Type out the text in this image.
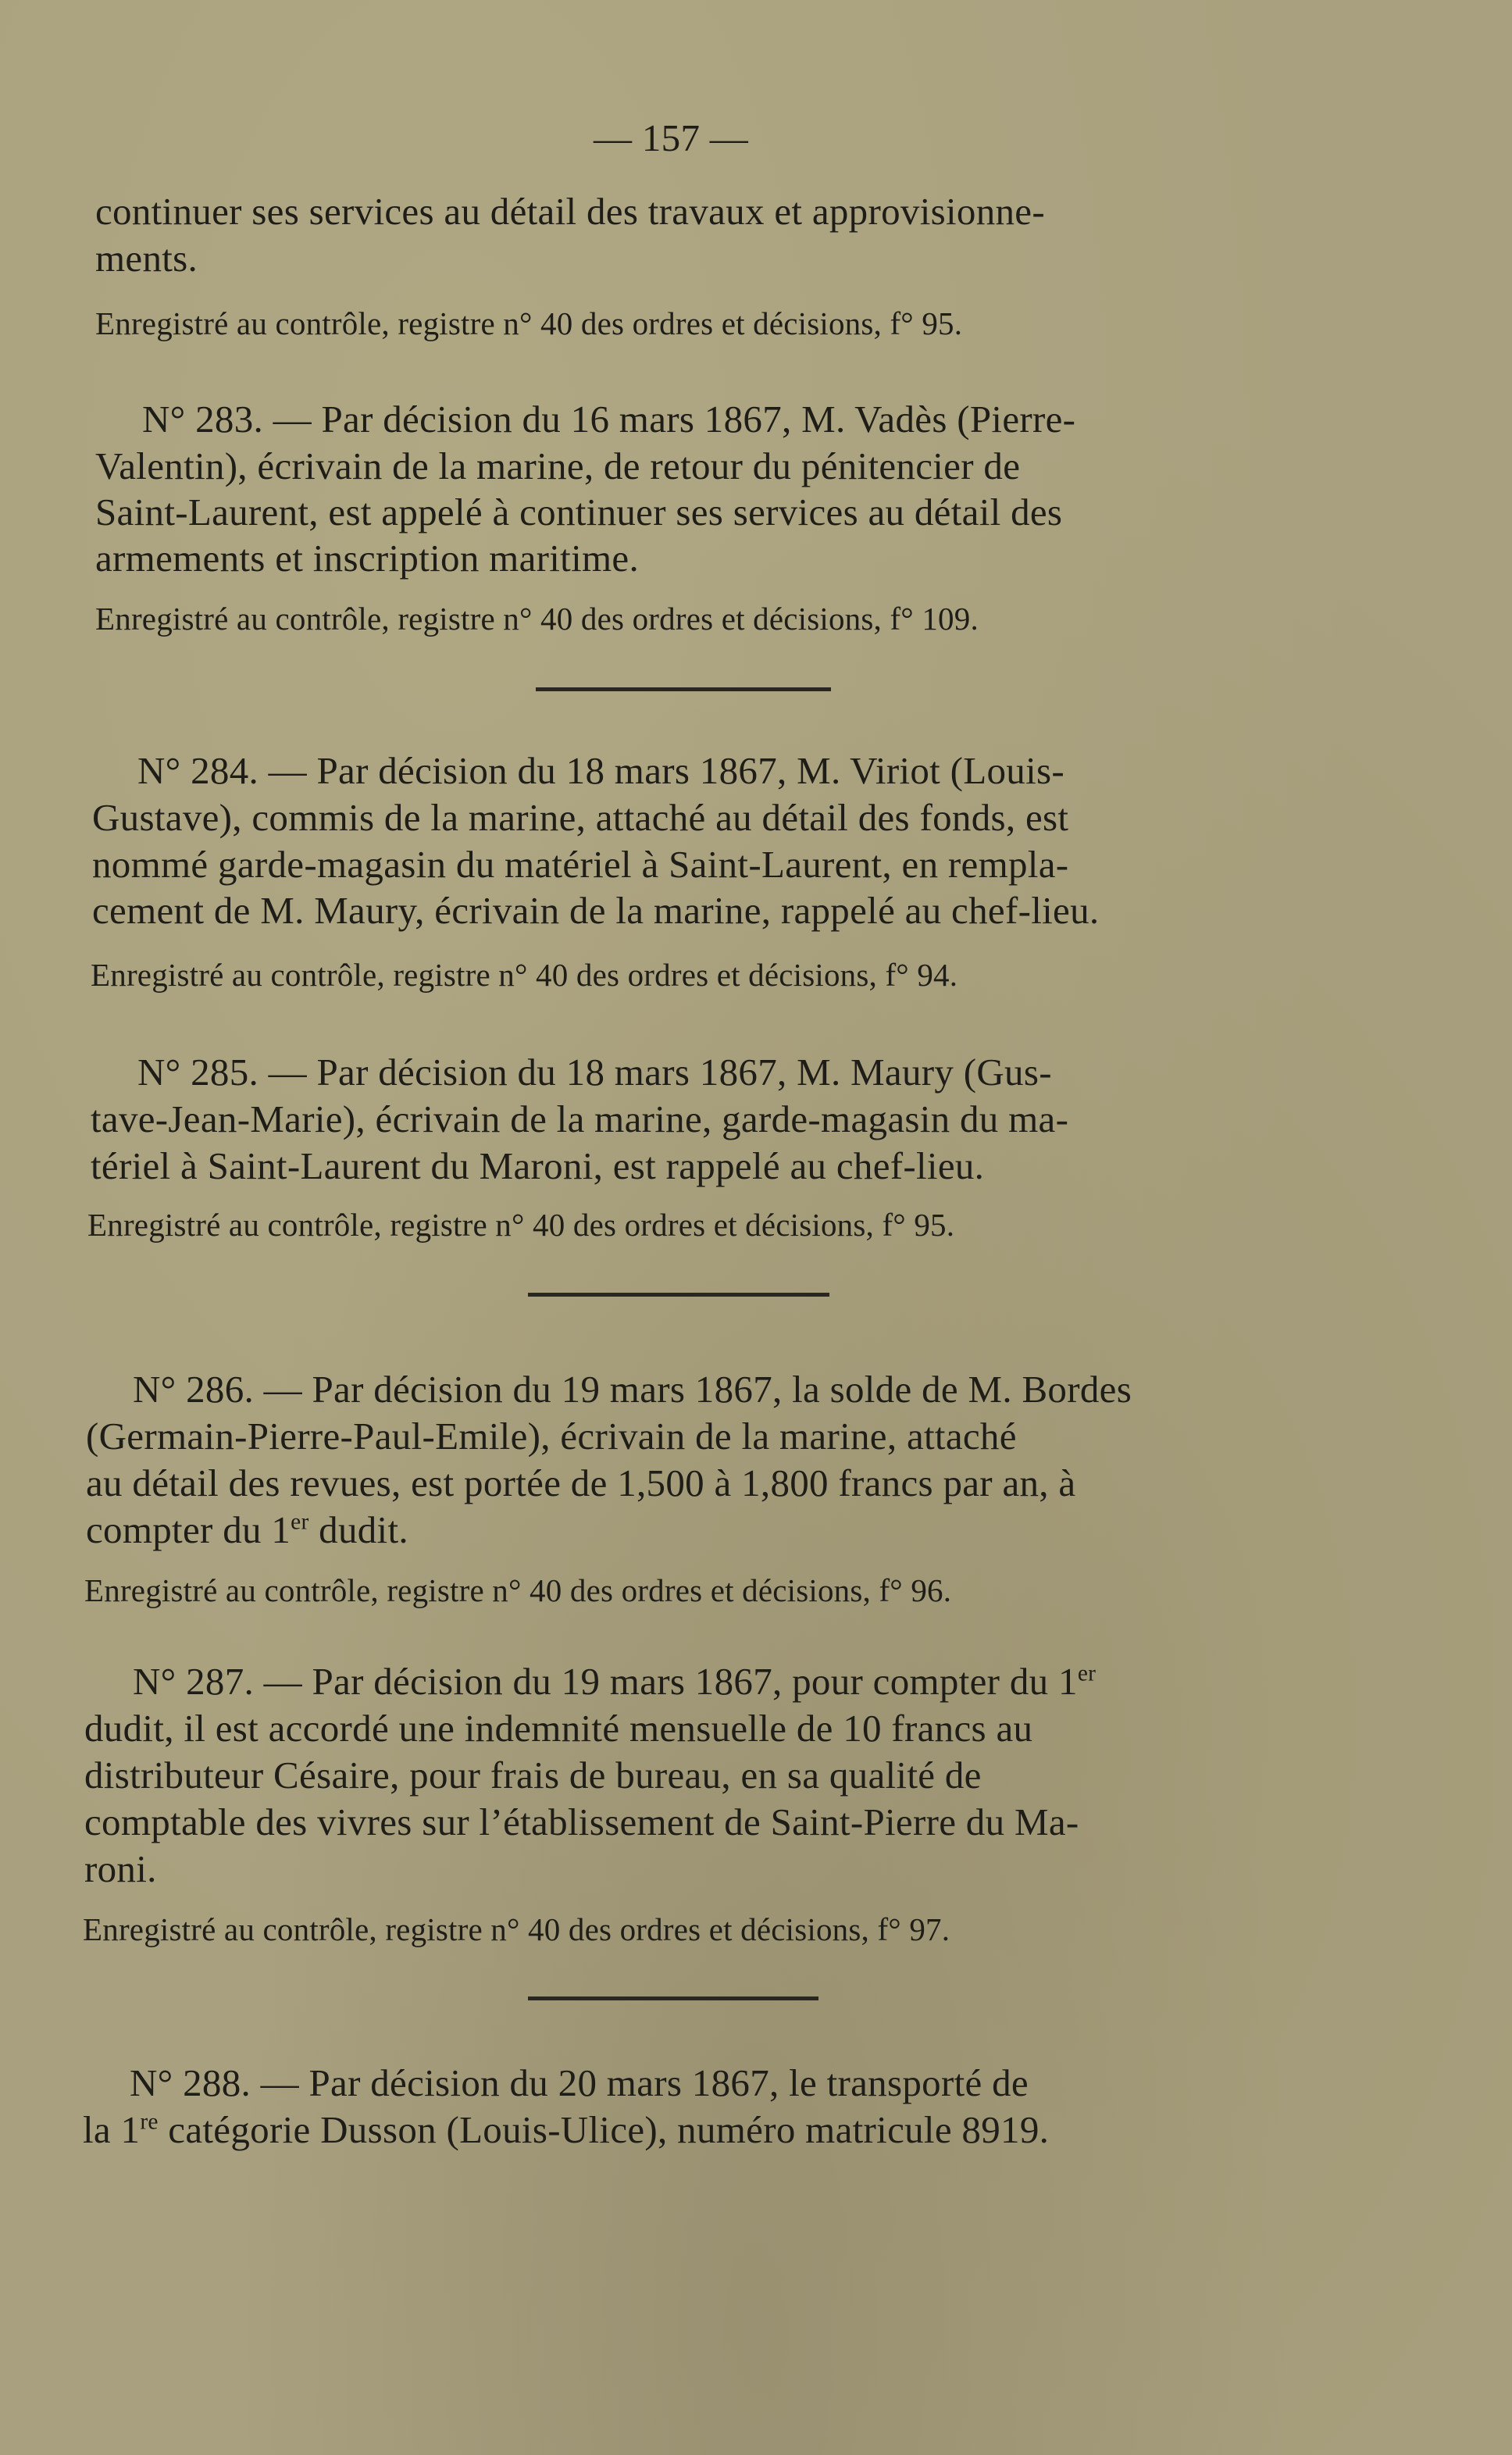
— 157 —
continuer ses services au détail des travaux et approvisionne-
ments.
Enregistré au contrôle, registre n° 40 des ordres et décisions, f° 95.
N° 283. — Par décision du 16 mars 1867, M. Vadès (Pierre-
Valentin), écrivain de la marine, de retour du pénitencier de
Saint-Laurent, est appelé à continuer ses services au détail des
armements et inscription maritime.
Enregistré au contrôle, registre n° 40 des ordres et décisions, f° 109.
N° 284. — Par décision du 18 mars 1867, M. Viriot (Louis-
Gustave), commis de la marine, attaché au détail des fonds, est
nommé garde-magasin du matériel à Saint-Laurent, en rempla-
cement de M. Maury, écrivain de la marine, rappelé au chef-lieu.
Enregistré au contrôle, registre n° 40 des ordres et décisions, f° 94.
N° 285. — Par décision du 18 mars 1867, M. Maury (Gus-
tave-Jean-Marie), écrivain de la marine, garde-magasin du ma-
tériel à Saint-Laurent du Maroni, est rappelé au chef-lieu.
Enregistré au contrôle, registre n° 40 des ordres et décisions, f° 95.
N° 286. — Par décision du 19 mars 1867, la solde de M. Bordes
(Germain-Pierre-Paul-Emile), écrivain de la marine, attaché
au détail des revues, est portée de 1,500 à 1,800 francs par an, à
compter du 1er dudit.
Enregistré au contrôle, registre n° 40 des ordres et décisions, f° 96.
N° 287. — Par décision du 19 mars 1867, pour compter du 1er
dudit, il est accordé une indemnité mensuelle de 10 francs au
distributeur Césaire, pour frais de bureau, en sa qualité de
comptable des vivres sur l’établissement de Saint-Pierre du Ma-
roni.
Enregistré au contrôle, registre n° 40 des ordres et décisions, f° 97.
N° 288. — Par décision du 20 mars 1867, le transporté de
la 1re catégorie Dusson (Louis-Ulice), numéro matricule 8919.
